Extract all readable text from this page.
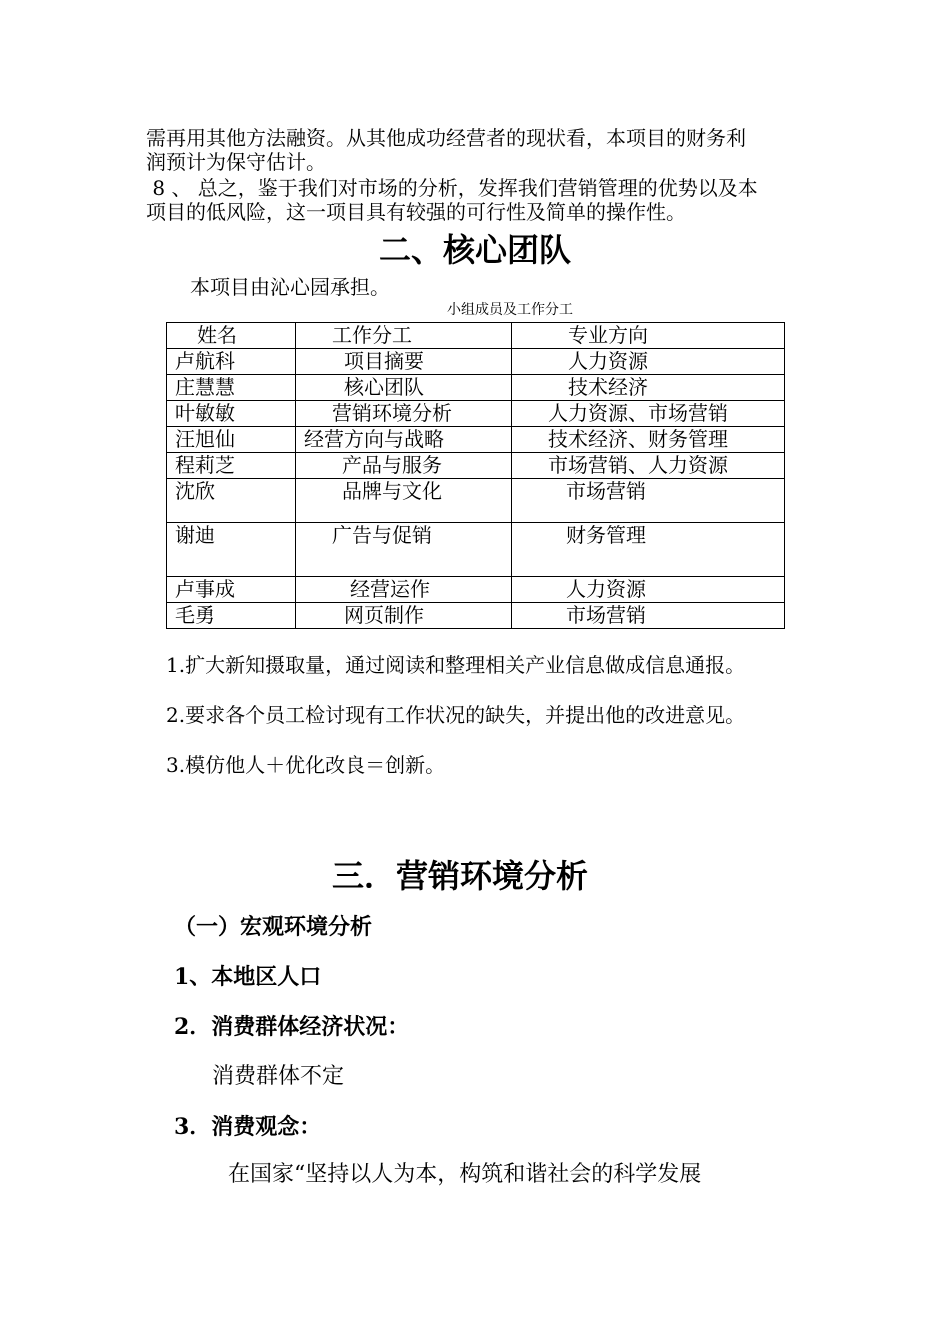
需再用其他方法融资。从其他成功经营者的现状看，本项目的财务利
润预计为保守估计。
8 、 总之，鉴于我们对市场的分析，发挥我们营销管理的优势以及本
项目的低风险，这一项目具有较强的可行性及简单的操作性。
二、核心团队
本项目由沁心园承担。
小组成员及工作分工
姓名	工作分工	专业方向
卢航科	项目摘要	人力资源
庄慧慧	核心团队	技术经济
叶敏敏	营销环境分析	人力资源、市场营销
汪旭仙	经营方向与战略	技术经济、财务管理
程莉芝	产品与服务	市场营销、人力资源
沈欣	品牌与文化	市场营销
谢迪	广告与促销	财务管理
卢事成	经营运作	人力资源
毛勇	网页制作	市场营销
1.扩大新知摄取量，通过阅读和整理相关产业信息做成信息通报。
2.要求各个员工检讨现有工作状况的缺失，并提出他的改进意见。
3.模仿他人＋优化改良＝创新。
三．营销环境分析
（一）宏观环境分析
1、本地区人口
2．消费群体经济状况：
消费群体不定
3．消费观念：
在国家“坚持以人为本，构筑和谐社会的科学发展
